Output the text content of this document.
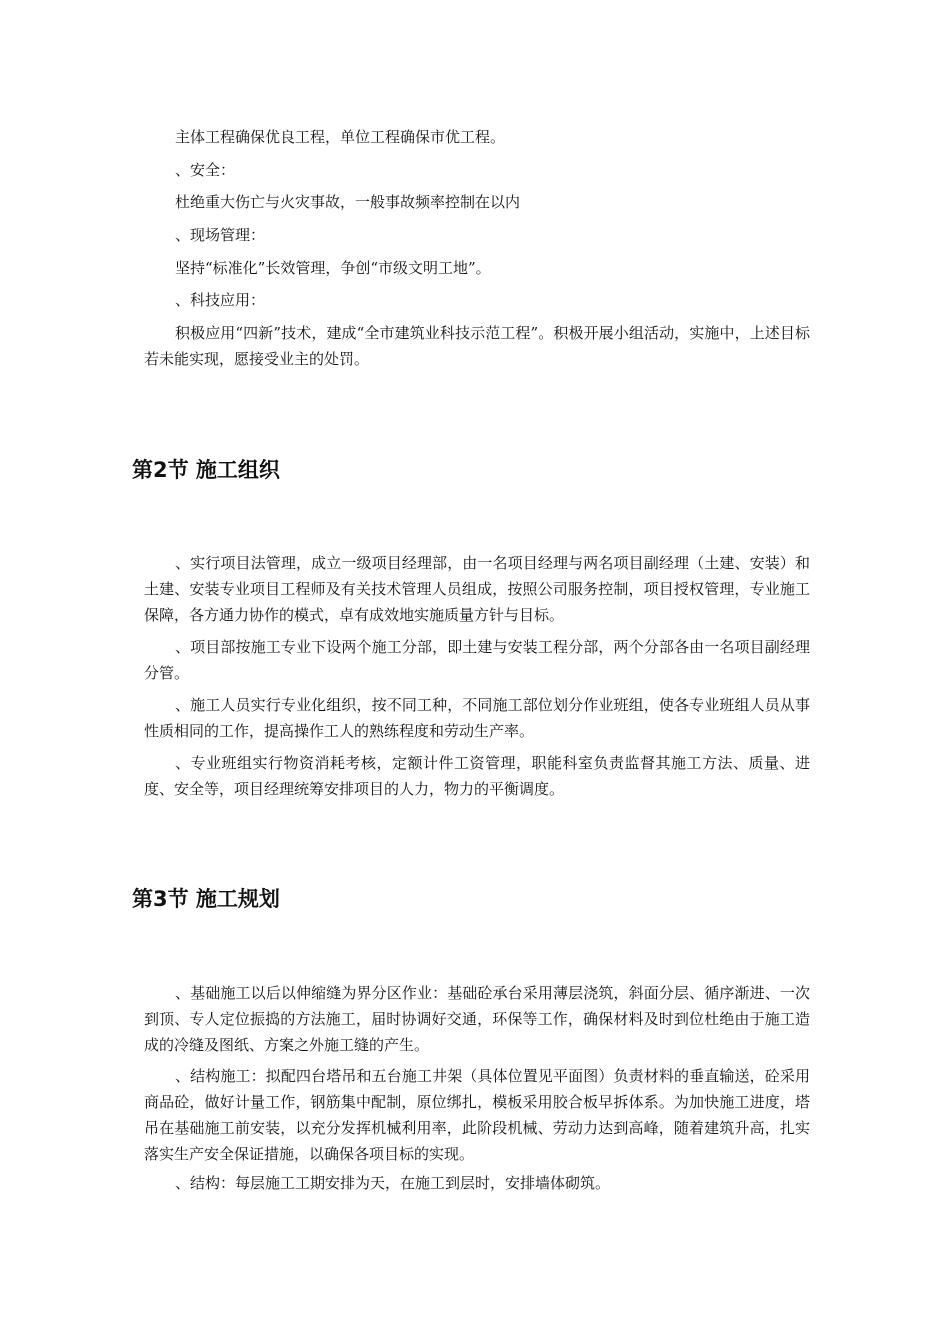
主体工程确保优良工程，单位工程确保市优工程。

、安全：

杜绝重大伤亡与火灾事故，一般事故频率控制在以内

、现场管理：

坚持“标准化”长效管理，争创“市级文明工地”。

、科技应用：

积极应用“四新”技术，建成“全市建筑业科技示范工程”。积极开展小组活动，实施中，上述目标若未能实现，愿接受业主的处罚。

第2节 施工组织

、实行项目法管理，成立一级项目经理部，由一名项目经理与两名项目副经理（土建、安装）和土建、安装专业项目工程师及有关技术管理人员组成，按照公司服务控制，项目授权管理，专业施工保障，各方通力协作的模式，卓有成效地实施质量方针与目标。

、项目部按施工专业下设两个施工分部，即土建与安装工程分部，两个分部各由一名项目副经理分管。

、施工人员实行专业化组织，按不同工种，不同施工部位划分作业班组，使各专业班组人员从事性质相同的工作，提高操作工人的熟练程度和劳动生产率。

、专业班组实行物资消耗考核，定额计件工资管理，职能科室负责监督其施工方法、质量、进度、安全等，项目经理统筹安排项目的人力，物力的平衡调度。

第3节 施工规划

、基础施工以后以伸缩缝为界分区作业：基础砼承台采用薄层浇筑，斜面分层、循序渐进、一次到顶、专人定位振捣的方法施工，届时协调好交通，环保等工作，确保材料及时到位杜绝由于施工造成的冷缝及图纸、方案之外施工缝的产生。

、结构施工：拟配四台塔吊和五台施工井架（具体位置见平面图）负责材料的垂直输送，砼采用商品砼，做好计量工作，钢筋集中配制，原位绑扎，模板采用胶合板早拆体系。为加快施工进度，塔吊在基础施工前安装，以充分发挥机械利用率，此阶段机械、劳动力达到高峰，随着建筑升高，扎实落实生产安全保证措施，以确保各项目标的实现。

、结构：每层施工工期安排为天，在施工到层时，安排墙体砌筑。
